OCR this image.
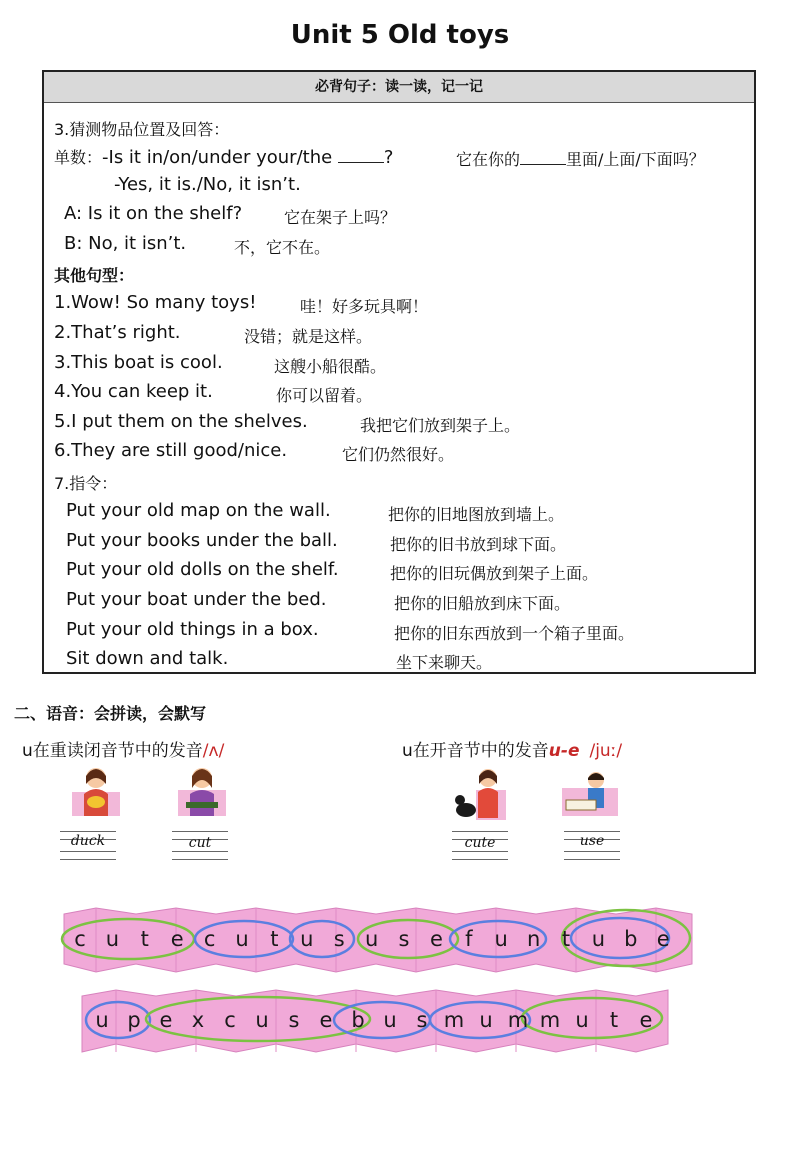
Unit 5 Old toys
必背句子：读一读，记一记
3.猜测物品位置及回答：
单数：-Is it in/on/under your/the	?	它在你的	里面/上面/下面吗？
-Yes, it is./No, it isn’t.
A: Is it on the shelf?	它在架子上吗？
B: No, it isn’t.	不，它不在。
其他句型：
1.Wow! So many toys!	哇！好多玩具啊！
2.That’s right.	没错；就是这样。
3.This boat is cool.	这艘小船很酷。
4.You can keep it.	你可以留着。
5.I put them on the shelves.	我把它们放到架子上。
6.They are still good/nice.	它们仍然很好。
7.指令：
Put your old map on the wall.	把你的旧地图放到墙上。
Put your books under the ball.	把你的旧书放到球下面。
Put your old dolls on the shelf.	把你的旧玩偶放到架子上面。
Put your boat under the bed.	把你的旧船放到床下面。
Put your old things in a box.	把你的旧东西放到一个箱子里面。
Sit down and talk.	坐下来聊天。
二、语音：会拼读，会默写
u在重读闭音节中的发音/ʌ/	u在开音节中的发音u-e /juː/
duck	cut	cute	use
c u t e c u t u s u s e f u n t u b e
u p e x c u s e b u s m u m m u t e
